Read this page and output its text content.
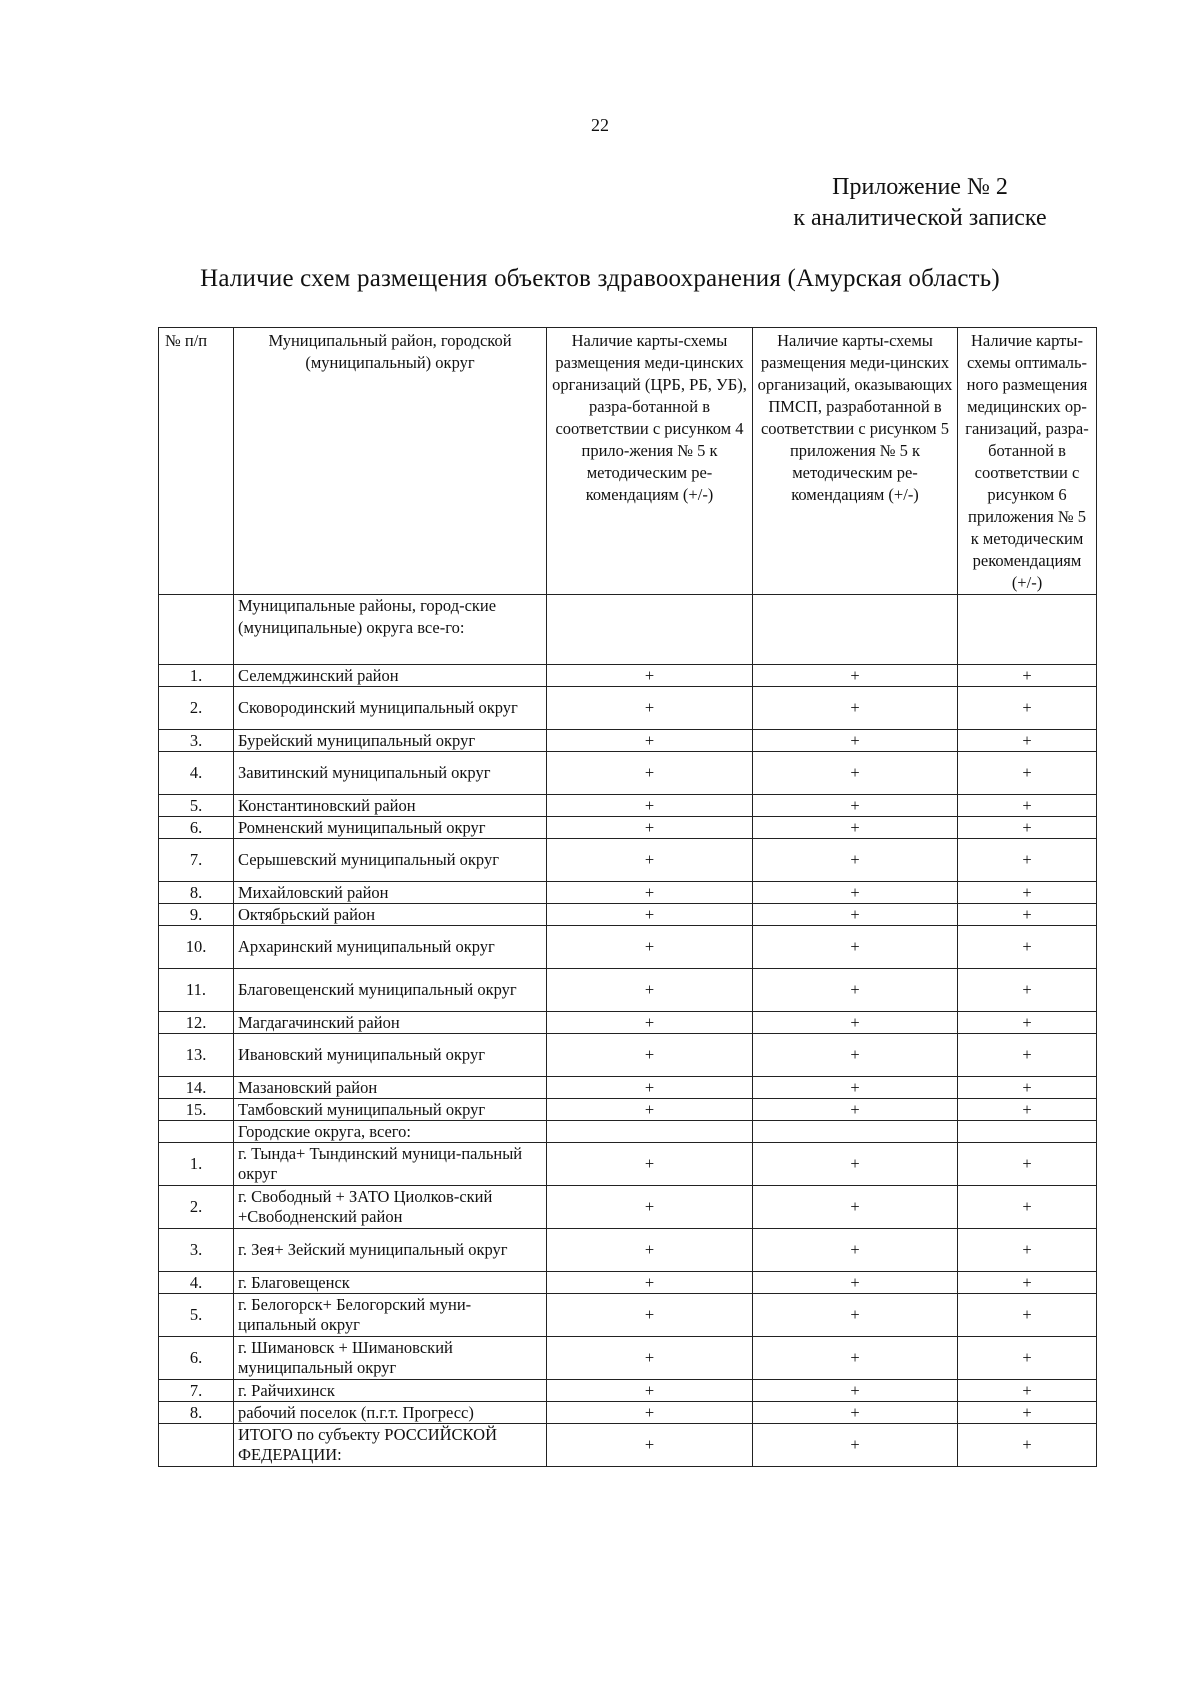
22
Приложение № 2
к аналитической записке
Наличие схем размещения объектов здравоохранения (Амурская область)
№ п/п	Муниципальный район, городской (муниципальный) округ	Наличие карты-схемы размещения меди-цинских организаций (ЦРБ, РБ, УБ), разра-ботанной в соответствии с рисунком 4 прило-жения № 5 к методическим ре-комендациям (+/-)	Наличие карты-схемы размещения меди-цинских организаций, оказывающих ПМСП, разработанной в соответствии с рисунком 5 приложения № 5 к методическим ре-комендациям (+/-)	Наличие карты-схемы оптималь-ного размещения медицинских ор-ганизаций, разра-ботанной в соответствии с рисунком 6 приложения № 5 к методическим рекомендациям (+/-)
	Муниципальные районы, город-ские (муниципальные) округа все-го:			
1.	Селемджинский район	+	+	+
2.	Сковородинский муниципальный округ	+	+	+
3.	Бурейский муниципальный округ	+	+	+
4.	Завитинский муниципальный округ	+	+	+
5.	Константиновский район	+	+	+
6.	Ромненский муниципальный округ	+	+	+
7.	Серышевский муниципальный округ	+	+	+
8.	Михайловский район	+	+	+
9.	Октябрьский район	+	+	+
10.	Архаринский муниципальный округ	+	+	+
11.	Благовещенский муниципальный округ	+	+	+
12.	Магдагачинский район	+	+	+
13.	Ивановский муниципальный округ	+	+	+
14.	Мазановский район	+	+	+
15.	Тамбовский муниципальный округ	+	+	+
	Городские округа, всего:			
1.	г. Тында+ Тындинский муници-пальный округ	+	+	+
2.	г. Свободный + ЗАТО Циолков-ский +Свободненский район	+	+	+
3.	г. Зея+ Зейский муниципальный округ	+	+	+
4.	г. Благовещенск	+	+	+
5.	г. Белогорск+ Белогорский муни-ципальный округ	+	+	+
6.	г. Шимановск + Шимановский муниципальный округ	+	+	+
7.	г. Райчихинск	+	+	+
8.	рабочий поселок (п.г.т. Прогресс)	+	+	+
	ИТОГО по субъекту РОССИЙСКОЙ ФЕДЕРАЦИИ:	+	+	+
